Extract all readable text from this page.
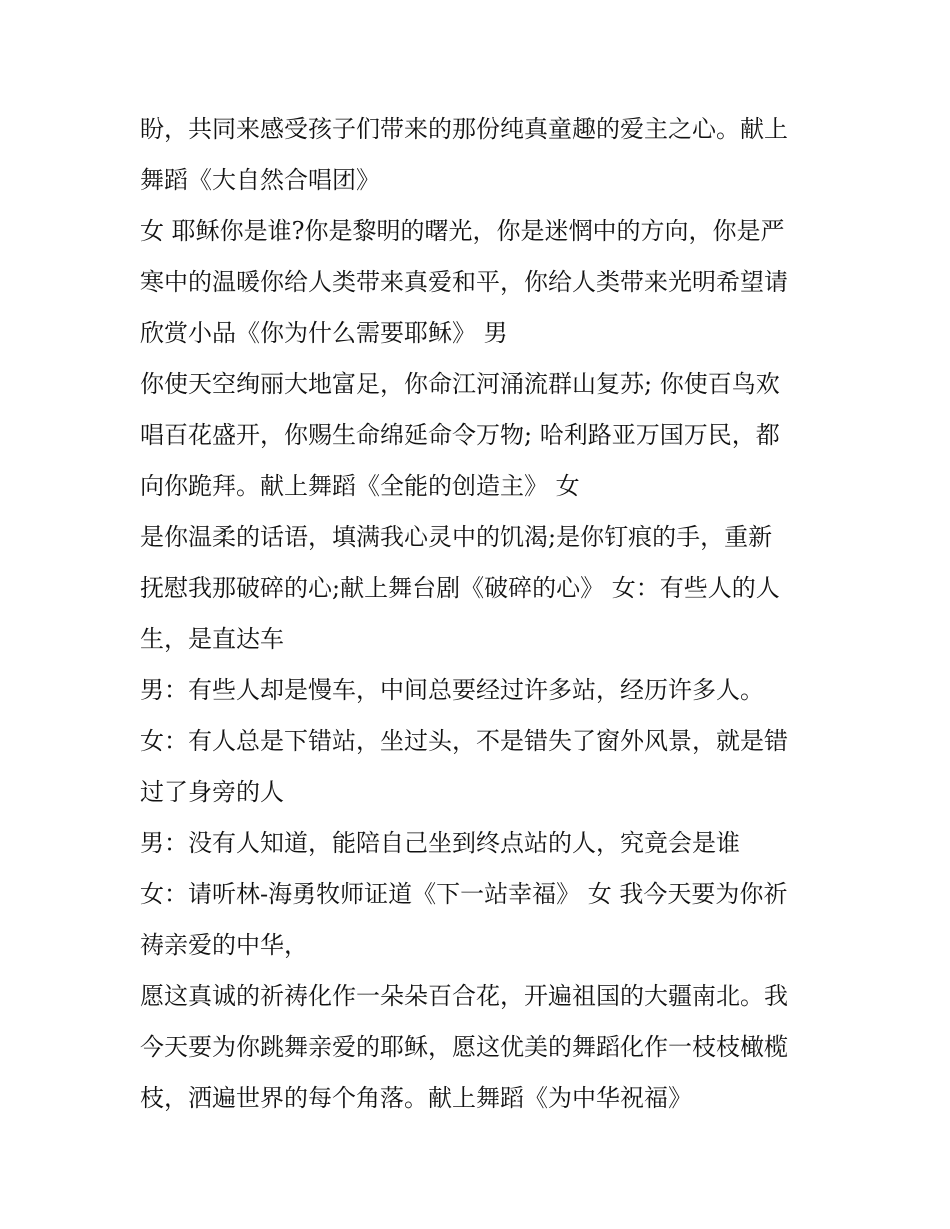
盼，共同来感受孩子们带来的那份纯真童趣的爱主之心。献上
舞蹈《大自然合唱团》
女 耶稣你是谁?你是黎明的曙光，你是迷惘中的方向，你是严
寒中的温暖你给人类带来真爱和平，你给人类带来光明希望请
欣赏小品《你为什么需要耶稣》 男
你使天空绚丽大地富足，你命江河涌流群山复苏; 你使百鸟欢
唱百花盛开，你赐生命绵延命令万物; 哈利路亚万国万民，都
向你跪拜。献上舞蹈《全能的创造主》 女
是你温柔的话语，填满我心灵中的饥渴;是你钉痕的手，重新
抚慰我那破碎的心;献上舞台剧《破碎的心》 女：有些人的人
生，是直达车
男：有些人却是慢车，中间总要经过许多站，经历许多人。
女：有人总是下错站，坐过头，不是错失了窗外风景，就是错
过了身旁的人
男：没有人知道，能陪自己坐到终点站的人，究竟会是谁
女：请听林-海勇牧师证道《下一站幸福》 女 我今天要为你祈
祷亲爱的中华，
愿这真诚的祈祷化作一朵朵百合花，开遍祖国的大疆南北。我
今天要为你跳舞亲爱的耶稣，愿这优美的舞蹈化作一枝枝橄榄
枝，洒遍世界的每个角落。献上舞蹈《为中华祝福》
